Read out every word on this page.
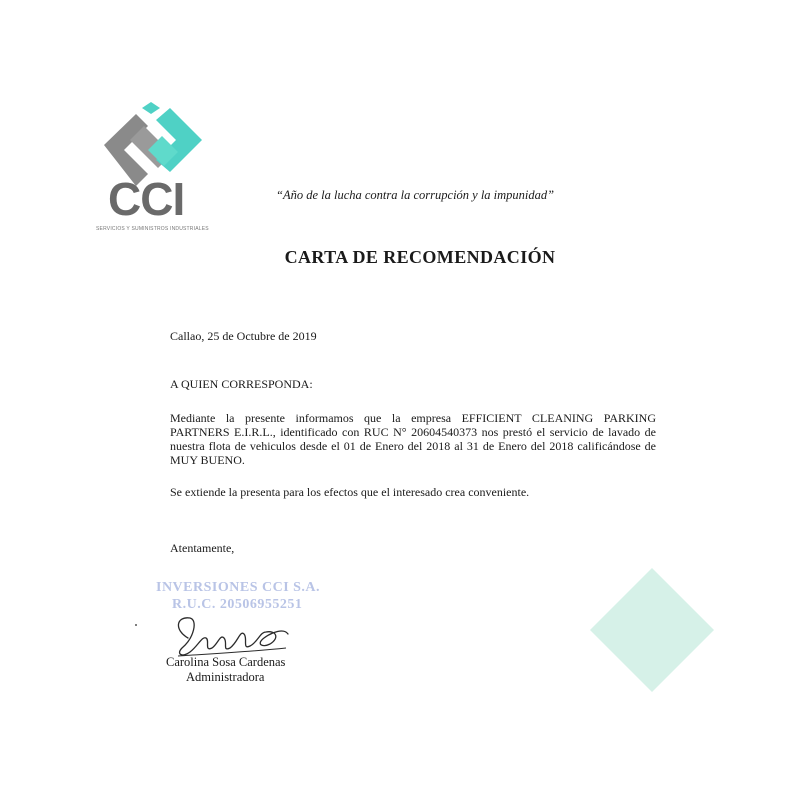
CCI
SERVICIOS Y SUMINISTROS INDUSTRIALES
“Año de la lucha contra la corrupción y la impunidad”
CARTA DE RECOMENDACIÓN
Callao, 25 de Octubre de 2019
A QUIEN CORRESPONDA:
Mediante la presente informamos que la empresa EFFICIENT CLEANING PARKING
PARTNERS E.I.R.L., identificado con RUC N° 20604540373 nos prestó el servicio de lavado de
nuestra flota de vehiculos desde el 01 de Enero del 2018 al 31 de Enero del 2018 calificándose de
MUY BUENO.
Se extiende la presenta para los efectos que el interesado crea conveniente.
Atentamente,
INVERSIONES CCI S.A.
R.U.C. 20506955251
Carolina Sosa Cardenas
Administradora
